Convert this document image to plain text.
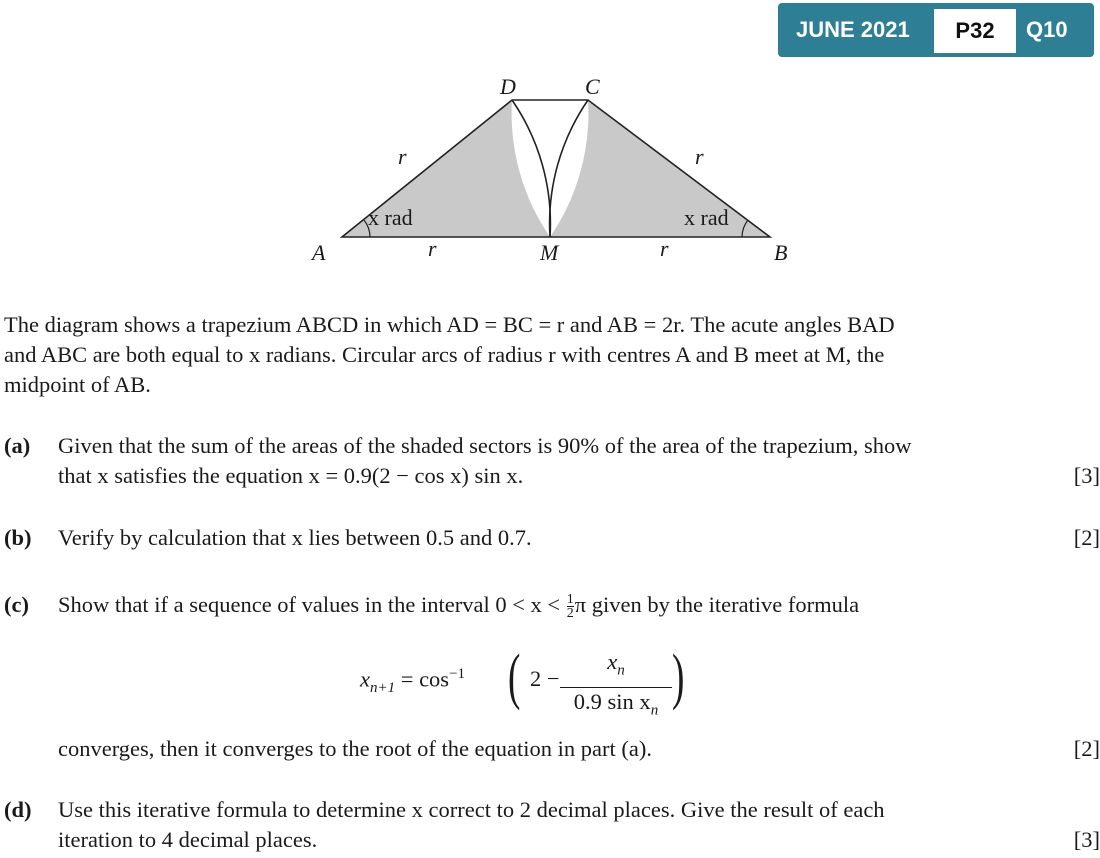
JUNE 2021	P32	Q10
D	C
A	M	B
r	r
r	r
x rad	x rad
The diagram shows a trapezium ABCD in which AD = BC = r and AB = 2r. The acute angles BAD
and ABC are both equal to x radians. Circular arcs of radius r with centres A and B meet at M, the
midpoint of AB.
(a) Given that the sum of the areas of the shaded sectors is 90% of the area of the trapezium, show
that x satisfies the equation x = 0.9(2 − cos x) sin x.	[3]
(b) Verify by calculation that x lies between 0.5 and 0.7.	[2]
(c) Show that if a sequence of values in the interval $0 < x < \frac{1}{2}$ π given by the iterative formula
$x_{n+1} = \cos^{-1}$ ( $2 - \frac{x_n}{0.9 \sin x_n}$ )
converges, then it converges to the root of the equation in part (a).	[2]
(d) Use this iterative formula to determine x correct to 2 decimal places. Give the result of each
iteration to 4 decimal places.	[3]
